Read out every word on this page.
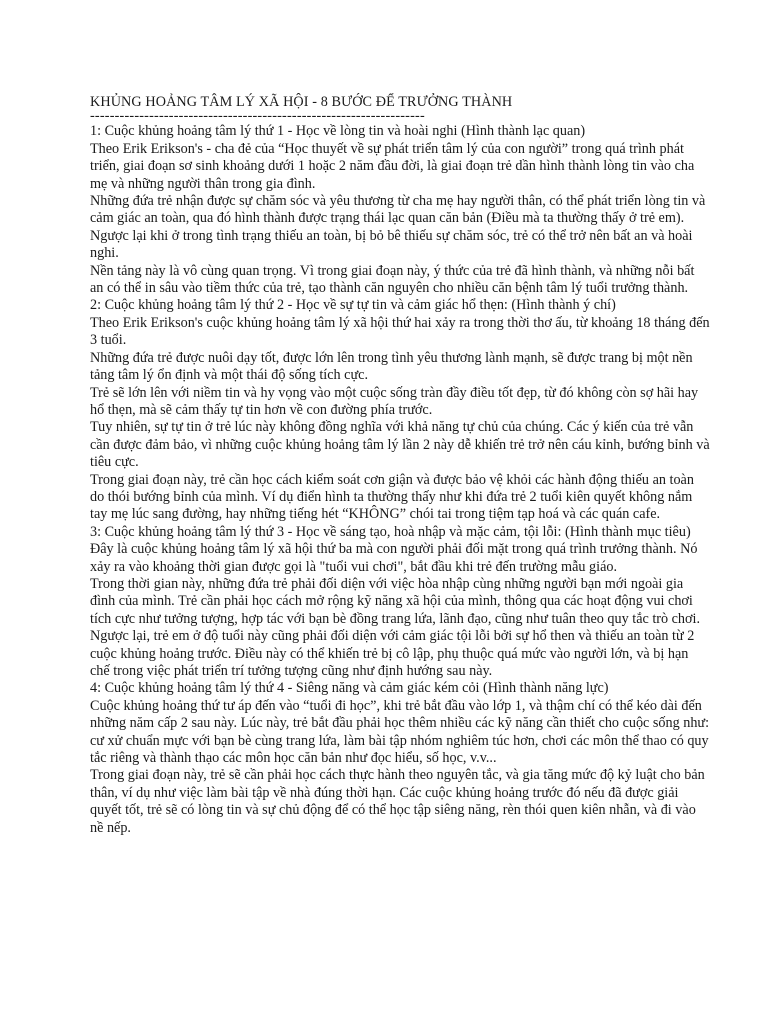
KHỦNG HOẢNG TÂM LÝ XÃ HỘI - 8 BƯỚC ĐỂ TRƯỞNG THÀNH
--------------------------------------------------------------------

1: Cuộc khủng hoảng tâm lý thứ 1 - Học về lòng tin và hoài nghi (Hình thành lạc quan)

Theo Erik Erikson's - cha đẻ của “Học thuyết về sự phát triển tâm lý của con người” trong quá trình phát triển, giai đoạn sơ sinh khoảng dưới 1 hoặc 2 năm đầu đời, là giai đoạn trẻ dần hình thành lòng tin vào cha mẹ và những người thân trong gia đình.

Những đứa trẻ nhận được sự chăm sóc và yêu thương từ cha mẹ hay người thân, có thể phát triển lòng tin và cảm giác an toàn, qua đó hình thành được trạng thái lạc quan căn bản (Điều mà ta thường thấy ở trẻ em). Ngược lại khi ở trong tình trạng thiếu an toàn, bị bỏ bê thiếu sự chăm sóc, trẻ có thể trở nên bất an và hoài nghi.

Nền tảng này là vô cùng quan trọng. Vì trong giai đoạn này, ý thức của trẻ đã hình thành, và những nỗi bất an có thể in sâu vào tiềm thức của trẻ, tạo thành căn nguyên cho nhiều căn bệnh tâm lý tuổi trưởng thành.

2: Cuộc khủng hoảng tâm lý thứ 2 - Học về sự tự tin và cảm giác hổ thẹn: (Hình thành ý chí)

Theo Erik Erikson's cuộc khủng hoảng tâm lý xã hội thứ hai xảy ra trong thời thơ ấu, từ khoảng 18 tháng đến 3 tuổi.

Những đứa trẻ được nuôi dạy tốt, được lớn lên trong tình yêu thương lành mạnh, sẽ được trang bị một nền tảng tâm lý ổn định và một thái độ sống tích cực.

Trẻ sẽ lớn lên với niềm tin và hy vọng vào một cuộc sống tràn đầy điều tốt đẹp, từ đó không còn sợ hãi hay hổ thẹn, mà sẽ cảm thấy tự tin hơn về con đường phía trước.

Tuy nhiên, sự tự tin ở trẻ lúc này không đồng nghĩa với khả năng tự chủ của chúng. Các ý kiến của trẻ vẫn cần được đảm bảo, vì những cuộc khủng hoảng tâm lý lần 2 này dễ khiến trẻ trở nên cáu kỉnh, bướng bỉnh và tiêu cực.

Trong giai đoạn này, trẻ cần học cách kiểm soát cơn giận và được bảo vệ khỏi các hành động thiếu an toàn do thói bướng bỉnh của mình. Ví dụ điển hình ta thường thấy như khi đứa trẻ 2 tuổi kiên quyết không nắm tay mẹ lúc sang đường, hay những tiếng hét “KHÔNG” chói tai trong tiệm tạp hoá và các quán cafe.

3: Cuộc khủng hoảng tâm lý thứ 3 - Học về sáng tạo, hoà nhập và mặc cảm, tội lỗi: (Hình thành mục tiêu)

Đây là cuộc khủng hoảng tâm lý xã hội thứ ba mà con người phải đối mặt trong quá trình trưởng thành. Nó xảy ra vào khoảng thời gian được gọi là "tuổi vui chơi", bắt đầu khi trẻ đến trường mẫu giáo.

Trong thời gian này, những đứa trẻ phải đối diện với việc hòa nhập cùng những người bạn mới ngoài gia đình của mình. Trẻ cần phải học cách mở rộng kỹ năng xã hội của mình, thông qua các hoạt động vui chơi tích cực như tưởng tượng, hợp tác với bạn bè đồng trang lứa, lãnh đạo, cũng như tuân theo quy tắc trò chơi.

Ngược lại, trẻ em ở độ tuổi này cũng phải đối diện với cảm giác tội lỗi bởi sự hổ then và thiếu an toàn từ 2 cuộc khủng hoảng trước. Điều này có thể khiến trẻ bị cô lập, phụ thuộc quá mức vào người lớn, và bị hạn chế trong việc phát triển trí tưởng tượng cũng như định hướng sau này.

4: Cuộc khủng hoảng tâm lý thứ 4 - Siêng năng và cảm giác kém cỏi (Hình thành năng lực)

Cuộc khủng hoảng thứ tư áp đến vào “tuổi đi học”, khi trẻ bắt đầu vào lớp 1, và thậm chí có thể kéo dài đến những năm cấp 2 sau này. Lúc này, trẻ bắt đầu phải học thêm nhiều các kỹ năng cần thiết cho cuộc sống như: cư xử chuẩn mực với bạn bè cùng trang lứa, làm bài tập nhóm nghiêm túc hơn, chơi các môn thể thao có quy tắc riêng và thành thạo các môn học căn bản như đọc hiểu, số học, v.v...

Trong giai đoạn này, trẻ sẽ cần phải học cách thực hành theo nguyên tắc, và gia tăng mức độ kỷ luật cho bản thân, ví dụ như việc làm bài tập về nhà đúng thời hạn. Các cuộc khủng hoảng trước đó nếu đã được giải quyết tốt, trẻ sẽ có lòng tin và sự chủ động để có thể học tập siêng năng, rèn thói quen kiên nhẫn, và đi vào nề nếp.
